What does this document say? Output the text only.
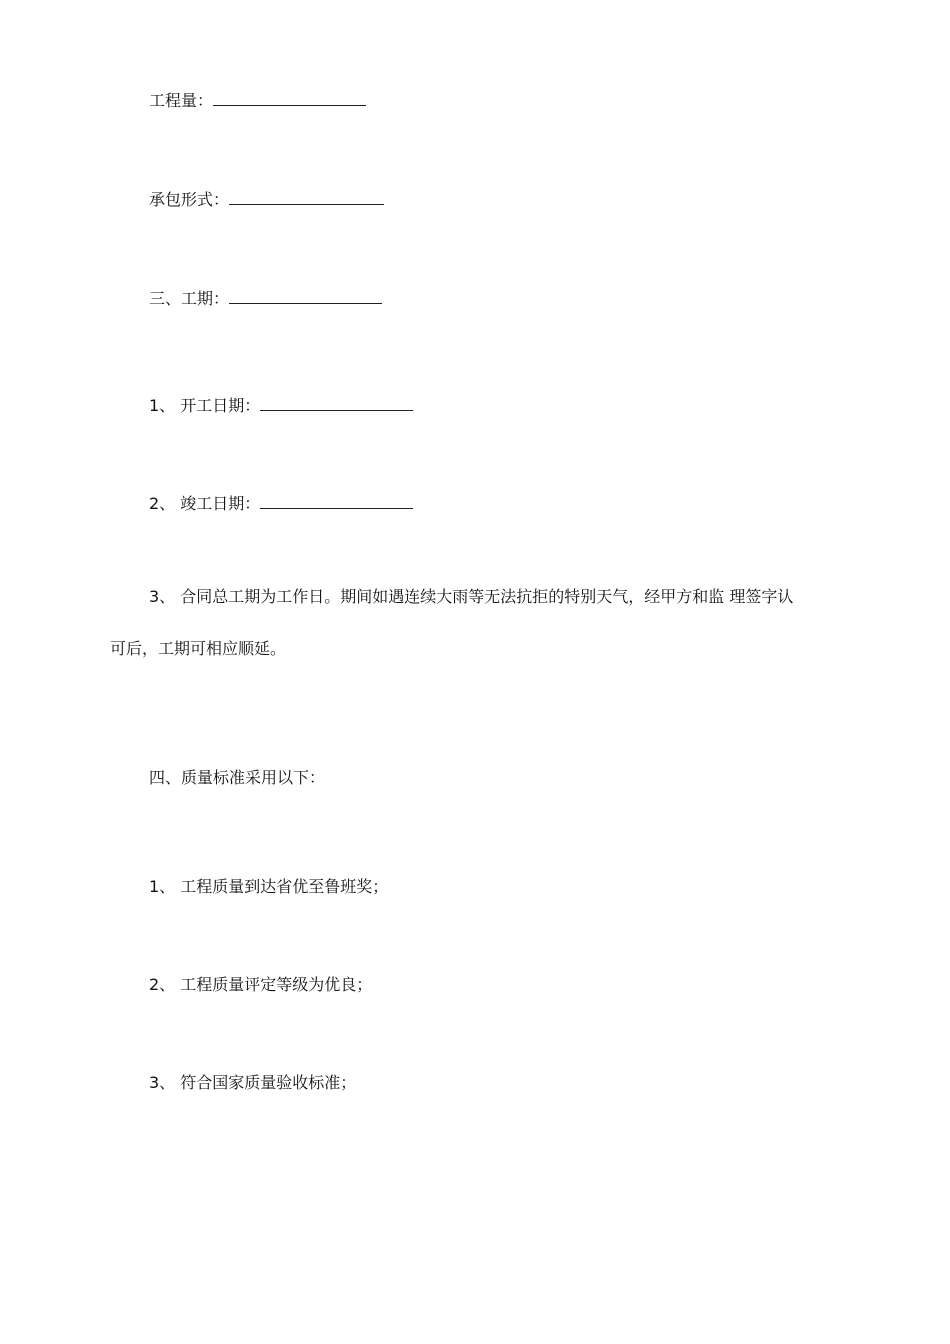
工程量：
承包形式：
三、工期：
1、 开工日期：
2、 竣工日期：
3、 合同总工期为工作日。期间如遇连续大雨等无法抗拒的特别天气，经甲方和监 理签字认
可后，工期可相应顺延。
四、质量标准采用以下：
1、 工程质量到达省优至鲁班奖；
2、 工程质量评定等级为优良；
3、 符合国家质量验收标准；
